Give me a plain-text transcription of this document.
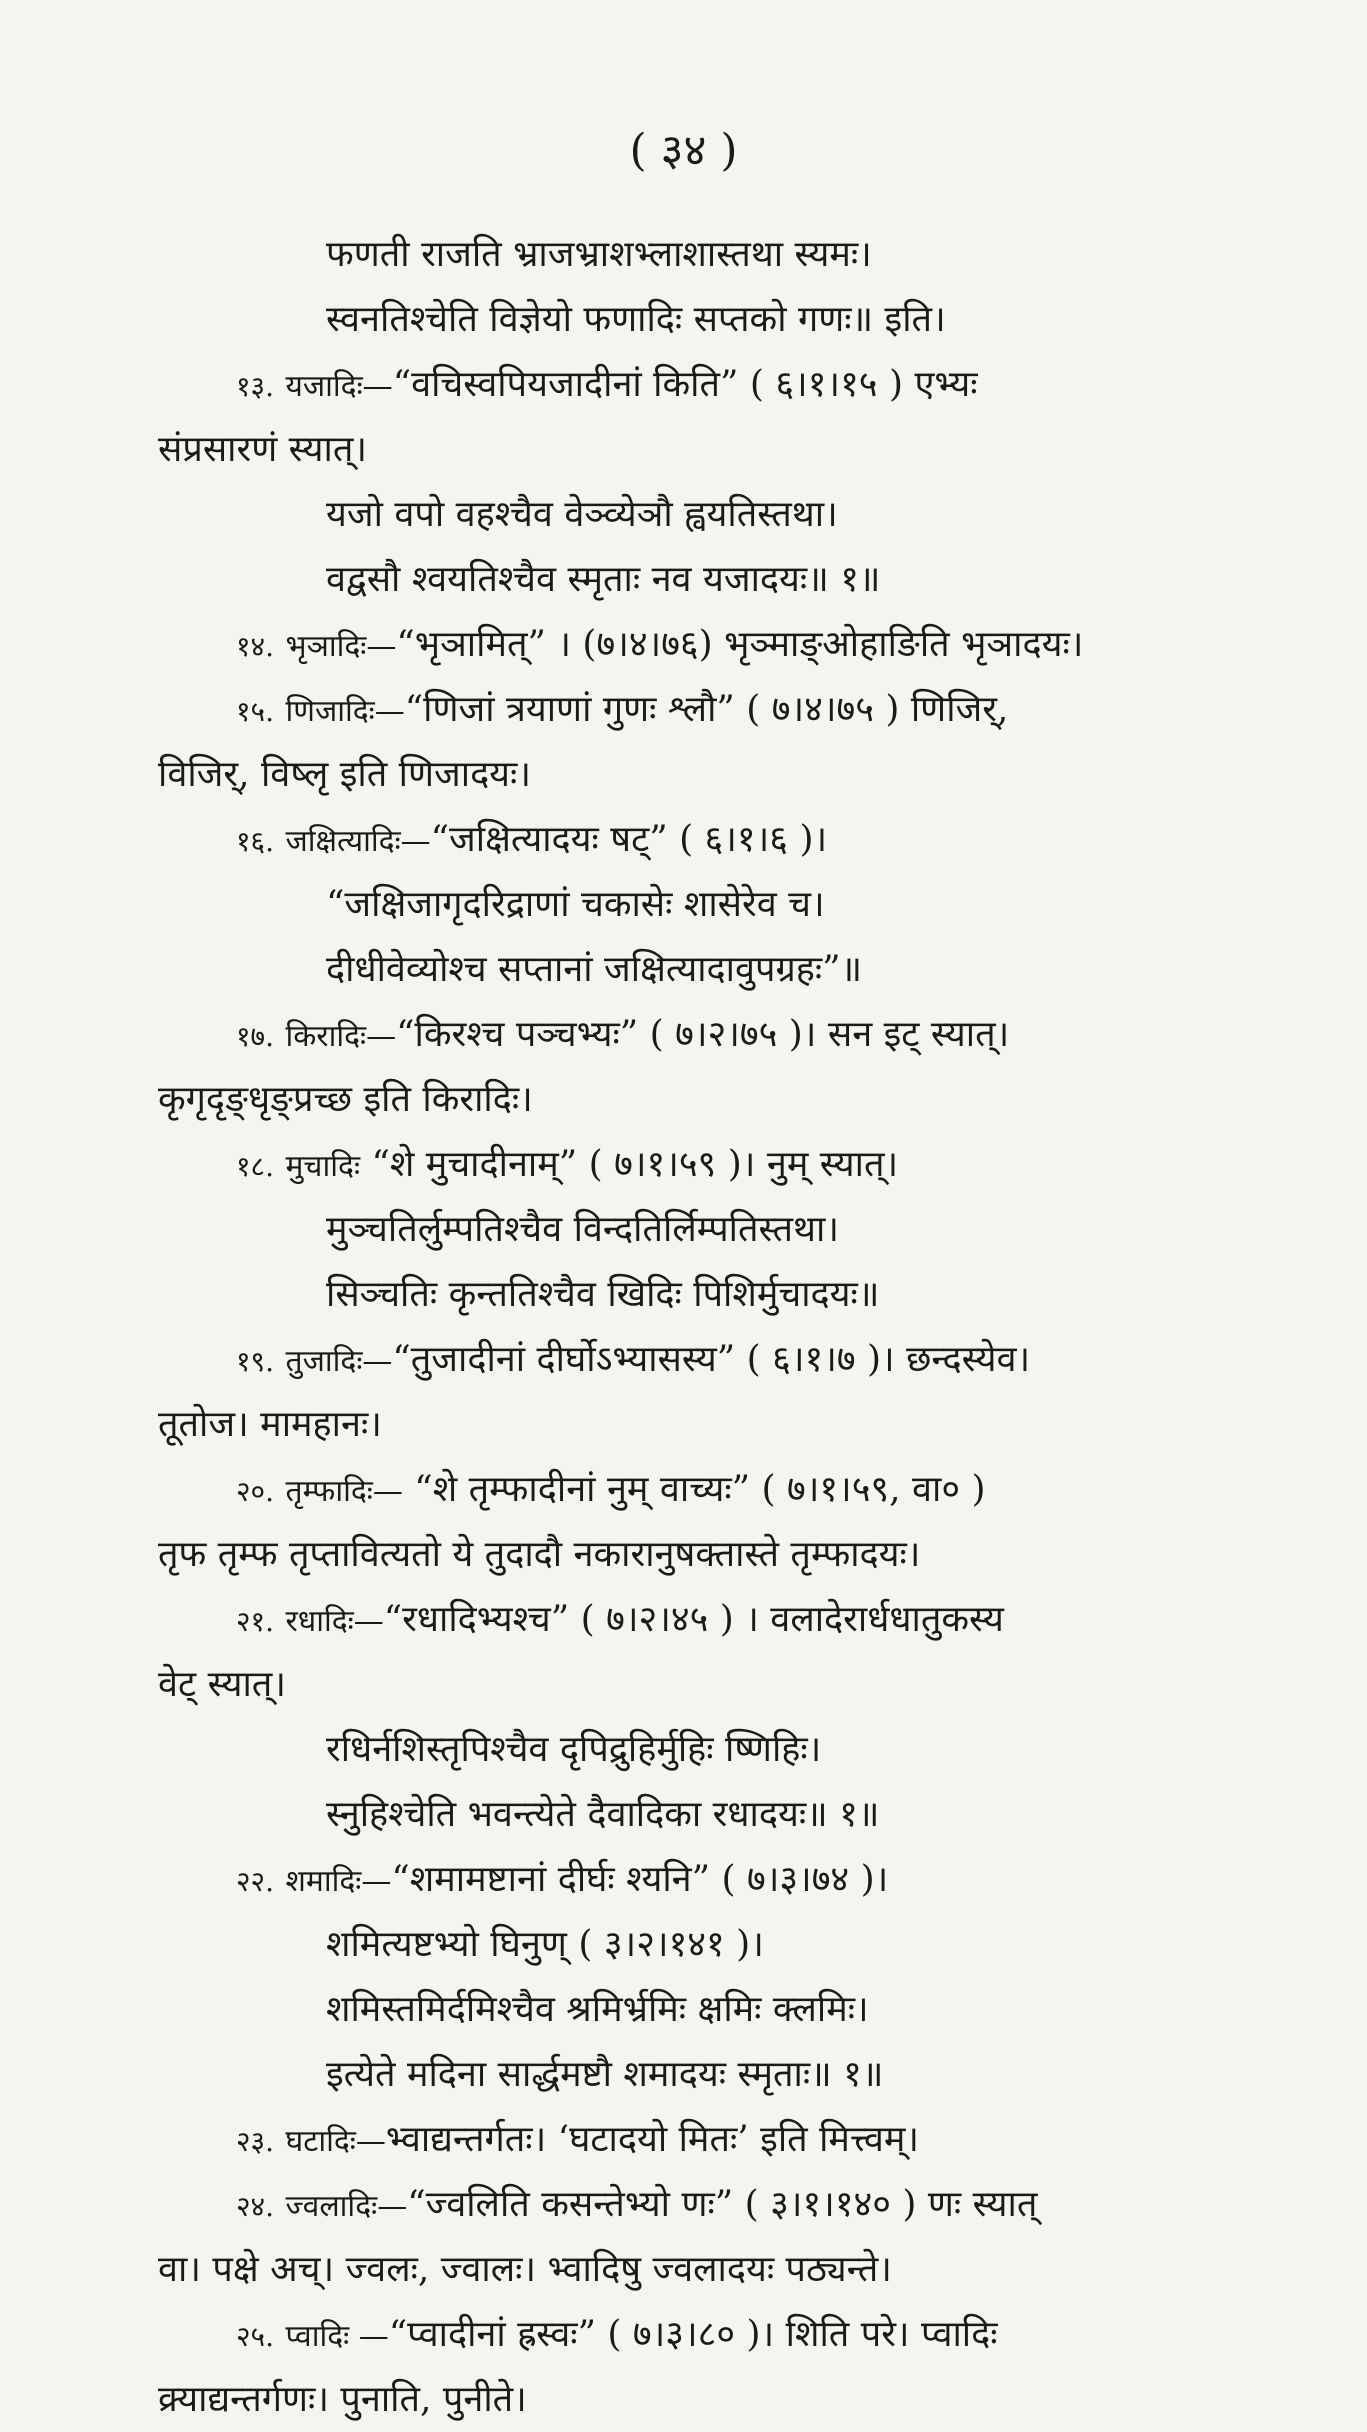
( ३४ )
फणती राजति भ्राजभ्राशभ्लाशास्तथा स्यमः।
स्वनतिश्चेति विज्ञेयो फणादिः सप्तको गणः॥ इति।
१३. यजादिः—“वचिस्वपियजादीनां किति” ( ६।१।१५ ) एभ्यः
संप्रसारणं स्यात्।
यजो वपो वहश्चैव वेञ्व्येञौ ह्वयतिस्तथा।
वद्वसौ श्वयतिश्चैव स्मृताः नव यजादयः॥ १॥
१४. भृञादिः—“भृञामित्” । (७।४।७६) भृञ्माङ्ओहाङिति भृञादयः।
१५. णिजादिः—“णिजां त्रयाणां गुणः श्लौ” ( ७।४।७५ ) णिजिर्,
विजिर्, विष्लृ इति णिजादयः।
१६. जक्षित्यादिः—“जक्षित्यादयः षट्” ( ६।१।६ )।
“जक्षिजागृदरिद्राणां चकासेः शासेरेव च।
दीधीवेव्योश्च सप्तानां जक्षित्यादावुपग्रहः”॥
१७. किरादिः—“किरश्च पञ्चभ्यः” ( ७।२।७५ )। सन इट् स्यात्।
कृगृदृङ्धृङ्प्रच्छ इति किरादिः।
१८. मुचादिः “शे मुचादीनाम्” ( ७।१।५९ )। नुम् स्यात्।
मुञ्चतिर्लुम्पतिश्चैव विन्दतिर्लिम्पतिस्तथा।
सिञ्चतिः कृन्ततिश्चैव खिदिः पिशिर्मुचादयः॥
१९. तुजादिः—“तुजादीनां दीर्घोऽभ्यासस्य” ( ६।१।७ )। छन्दस्येव।
तूतोज। मामहानः।
२०. तृम्फादिः— “शे तृम्फादीनां नुम् वाच्यः” ( ७।१।५९, वा० )
तृफ तृम्फ तृप्तावित्यतो ये तुदादौ नकारानुषक्तास्ते तृम्फादयः।
२१. रधादिः—“रधादिभ्यश्च” ( ७।२।४५ ) । वलादेरार्धधातुकस्य
वेट् स्यात्।
रधिर्नशिस्तृपिश्चैव दृपिद्रुहिर्मुहिः ष्णिहिः।
स्नुहिश्चेति भवन्त्येते दैवादिका रधादयः॥ १॥
२२. शमादिः—“शमामष्टानां दीर्घः श्यनि” ( ७।३।७४ )।
शमित्यष्टभ्यो घिनुण् ( ३।२।१४१ )।
शमिस्तमिर्दमिश्चैव श्रमिर्भ्रमिः क्षमिः क्लमिः।
इत्येते मदिना सार्द्धमष्टौ शमादयः स्मृताः॥ १॥
२३. घटादिः—भ्वाद्यन्तर्गतः। ‘घटादयो मितः’ इति मित्त्वम्।
२४. ज्वलादिः—“ज्वलिति कसन्तेभ्यो णः” ( ३।१।१४० ) णः स्यात्
वा। पक्षे अच्। ज्वलः, ज्वालः। भ्वादिषु ज्वलादयः पठ्यन्ते।
२५. प्वादिः —“प्वादीनां ह्रस्वः” ( ७।३।८० )। शिति परे। प्वादिः
क्र्याद्यन्तर्गणः। पुनाति, पुनीते।
